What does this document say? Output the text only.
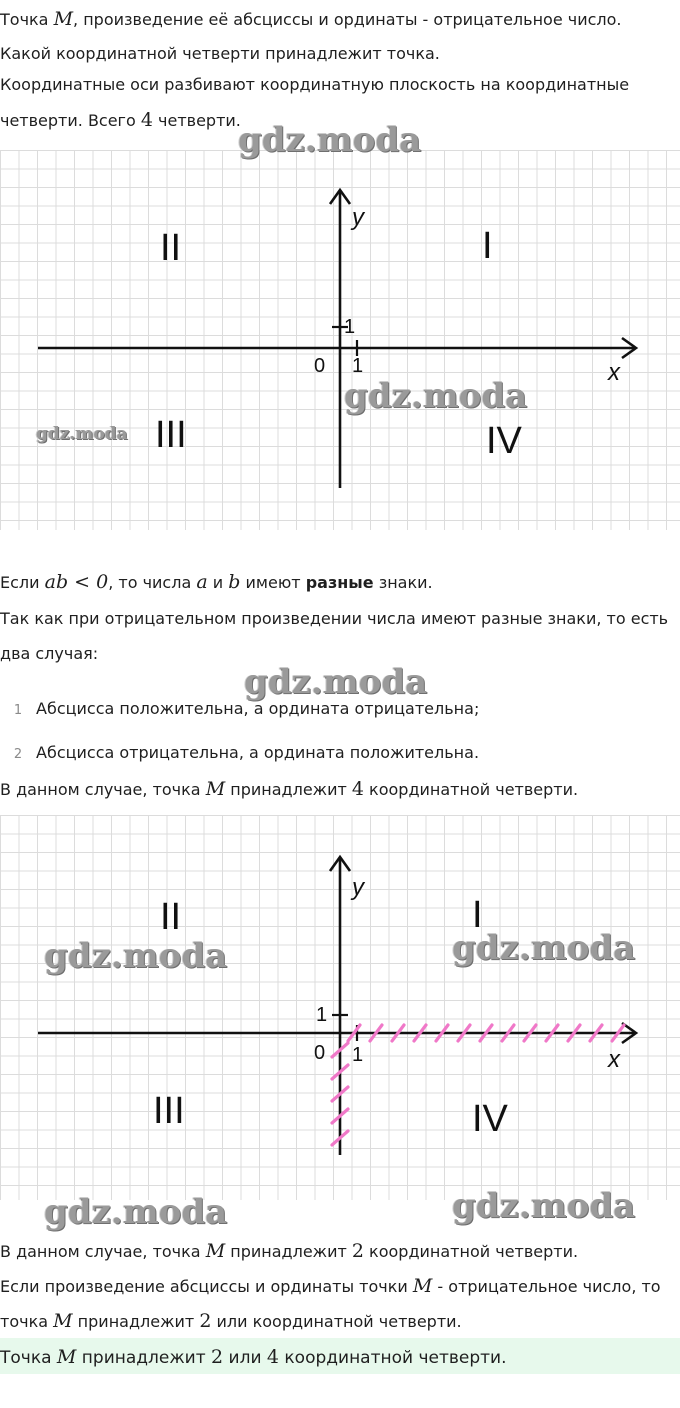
Точка M, произведение её абсциссы и ординаты - отрицательное число.
Какой координатной четверти принадлежит точка.
Координатные оси разбивают координатную плоскость на координатные
четверти. Всего 4 четверти.
y
x
0 1
1
I
II
III	IV
Если ab < 0, то числа a и b имеют разные знаки.
Так как при отрицательном произведении числа имеют разные знаки, то есть
два случая:
1 Абсцисса положительна, а ордината отрицательна;
2 Абсцисса отрицательна, а ордината положительна.
В данном случае, точка M принадлежит 4 координатной четверти.
y
x
0 1
1
I
II
III	IV
gdz.moda
gdz.moda
gdz.moda
gdz.moda
gdz.moda	gdz.moda
gdz.moda	gdz.moda
В данном случае, точка M принадлежит 2 координатной четверти.
Если произведение абсциссы и ординаты точки M - отрицательное число, то
точка M принадлежит 2 или координатной четверти.
Точка M принадлежит 2 или 4 координатной четверти.
